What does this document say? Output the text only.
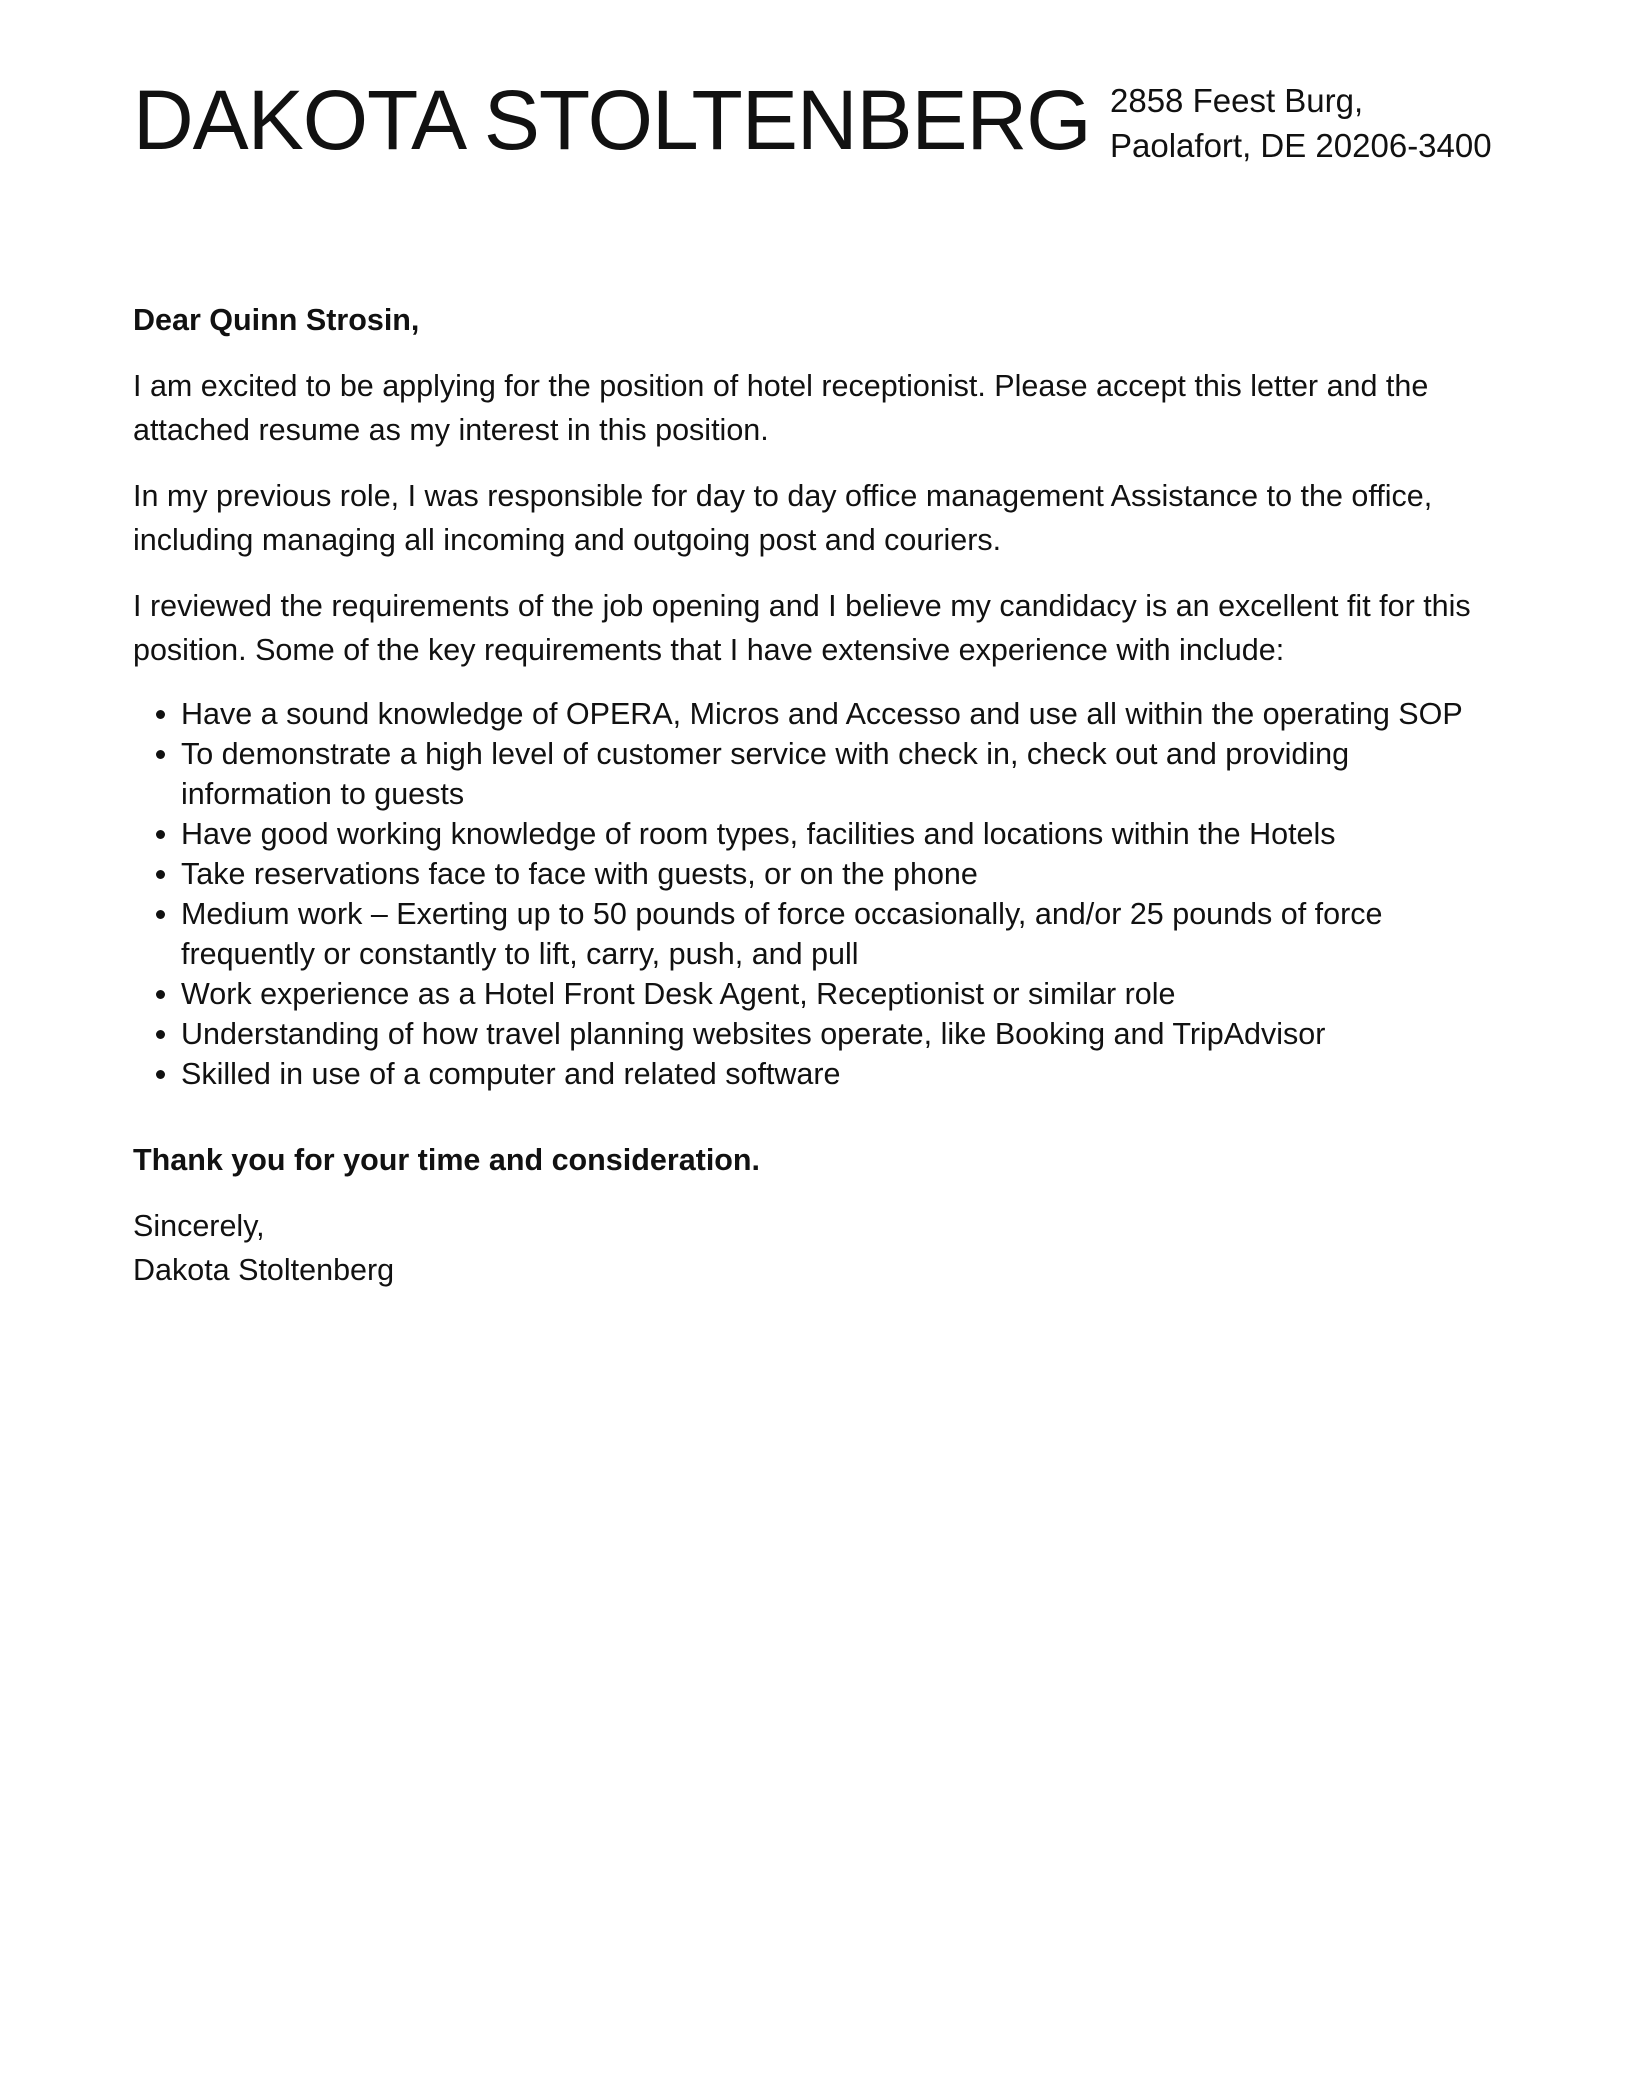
DAKOTA STOLTENBERG 2858 Feest Burg,
Paolafort, DE 20206-3400

Dear Quinn Strosin,

I am excited to be applying for the position of hotel receptionist. Please accept this letter and the attached resume as my interest in this position.

In my previous role, I was responsible for day to day office management Assistance to the office, including managing all incoming and outgoing post and couriers.

I reviewed the requirements of the job opening and I believe my candidacy is an excellent fit for this position. Some of the key requirements that I have extensive experience with include:

• Have a sound knowledge of OPERA, Micros and Accesso and use all within the operating SOP
• To demonstrate a high level of customer service with check in, check out and providing information to guests
• Have good working knowledge of room types, facilities and locations within the Hotels
• Take reservations face to face with guests, or on the phone
• Medium work – Exerting up to 50 pounds of force occasionally, and/or 25 pounds of force frequently or constantly to lift, carry, push, and pull
• Work experience as a Hotel Front Desk Agent, Receptionist or similar role
• Understanding of how travel planning websites operate, like Booking and TripAdvisor
• Skilled in use of a computer and related software

Thank you for your time and consideration.

Sincerely,
Dakota Stoltenberg
